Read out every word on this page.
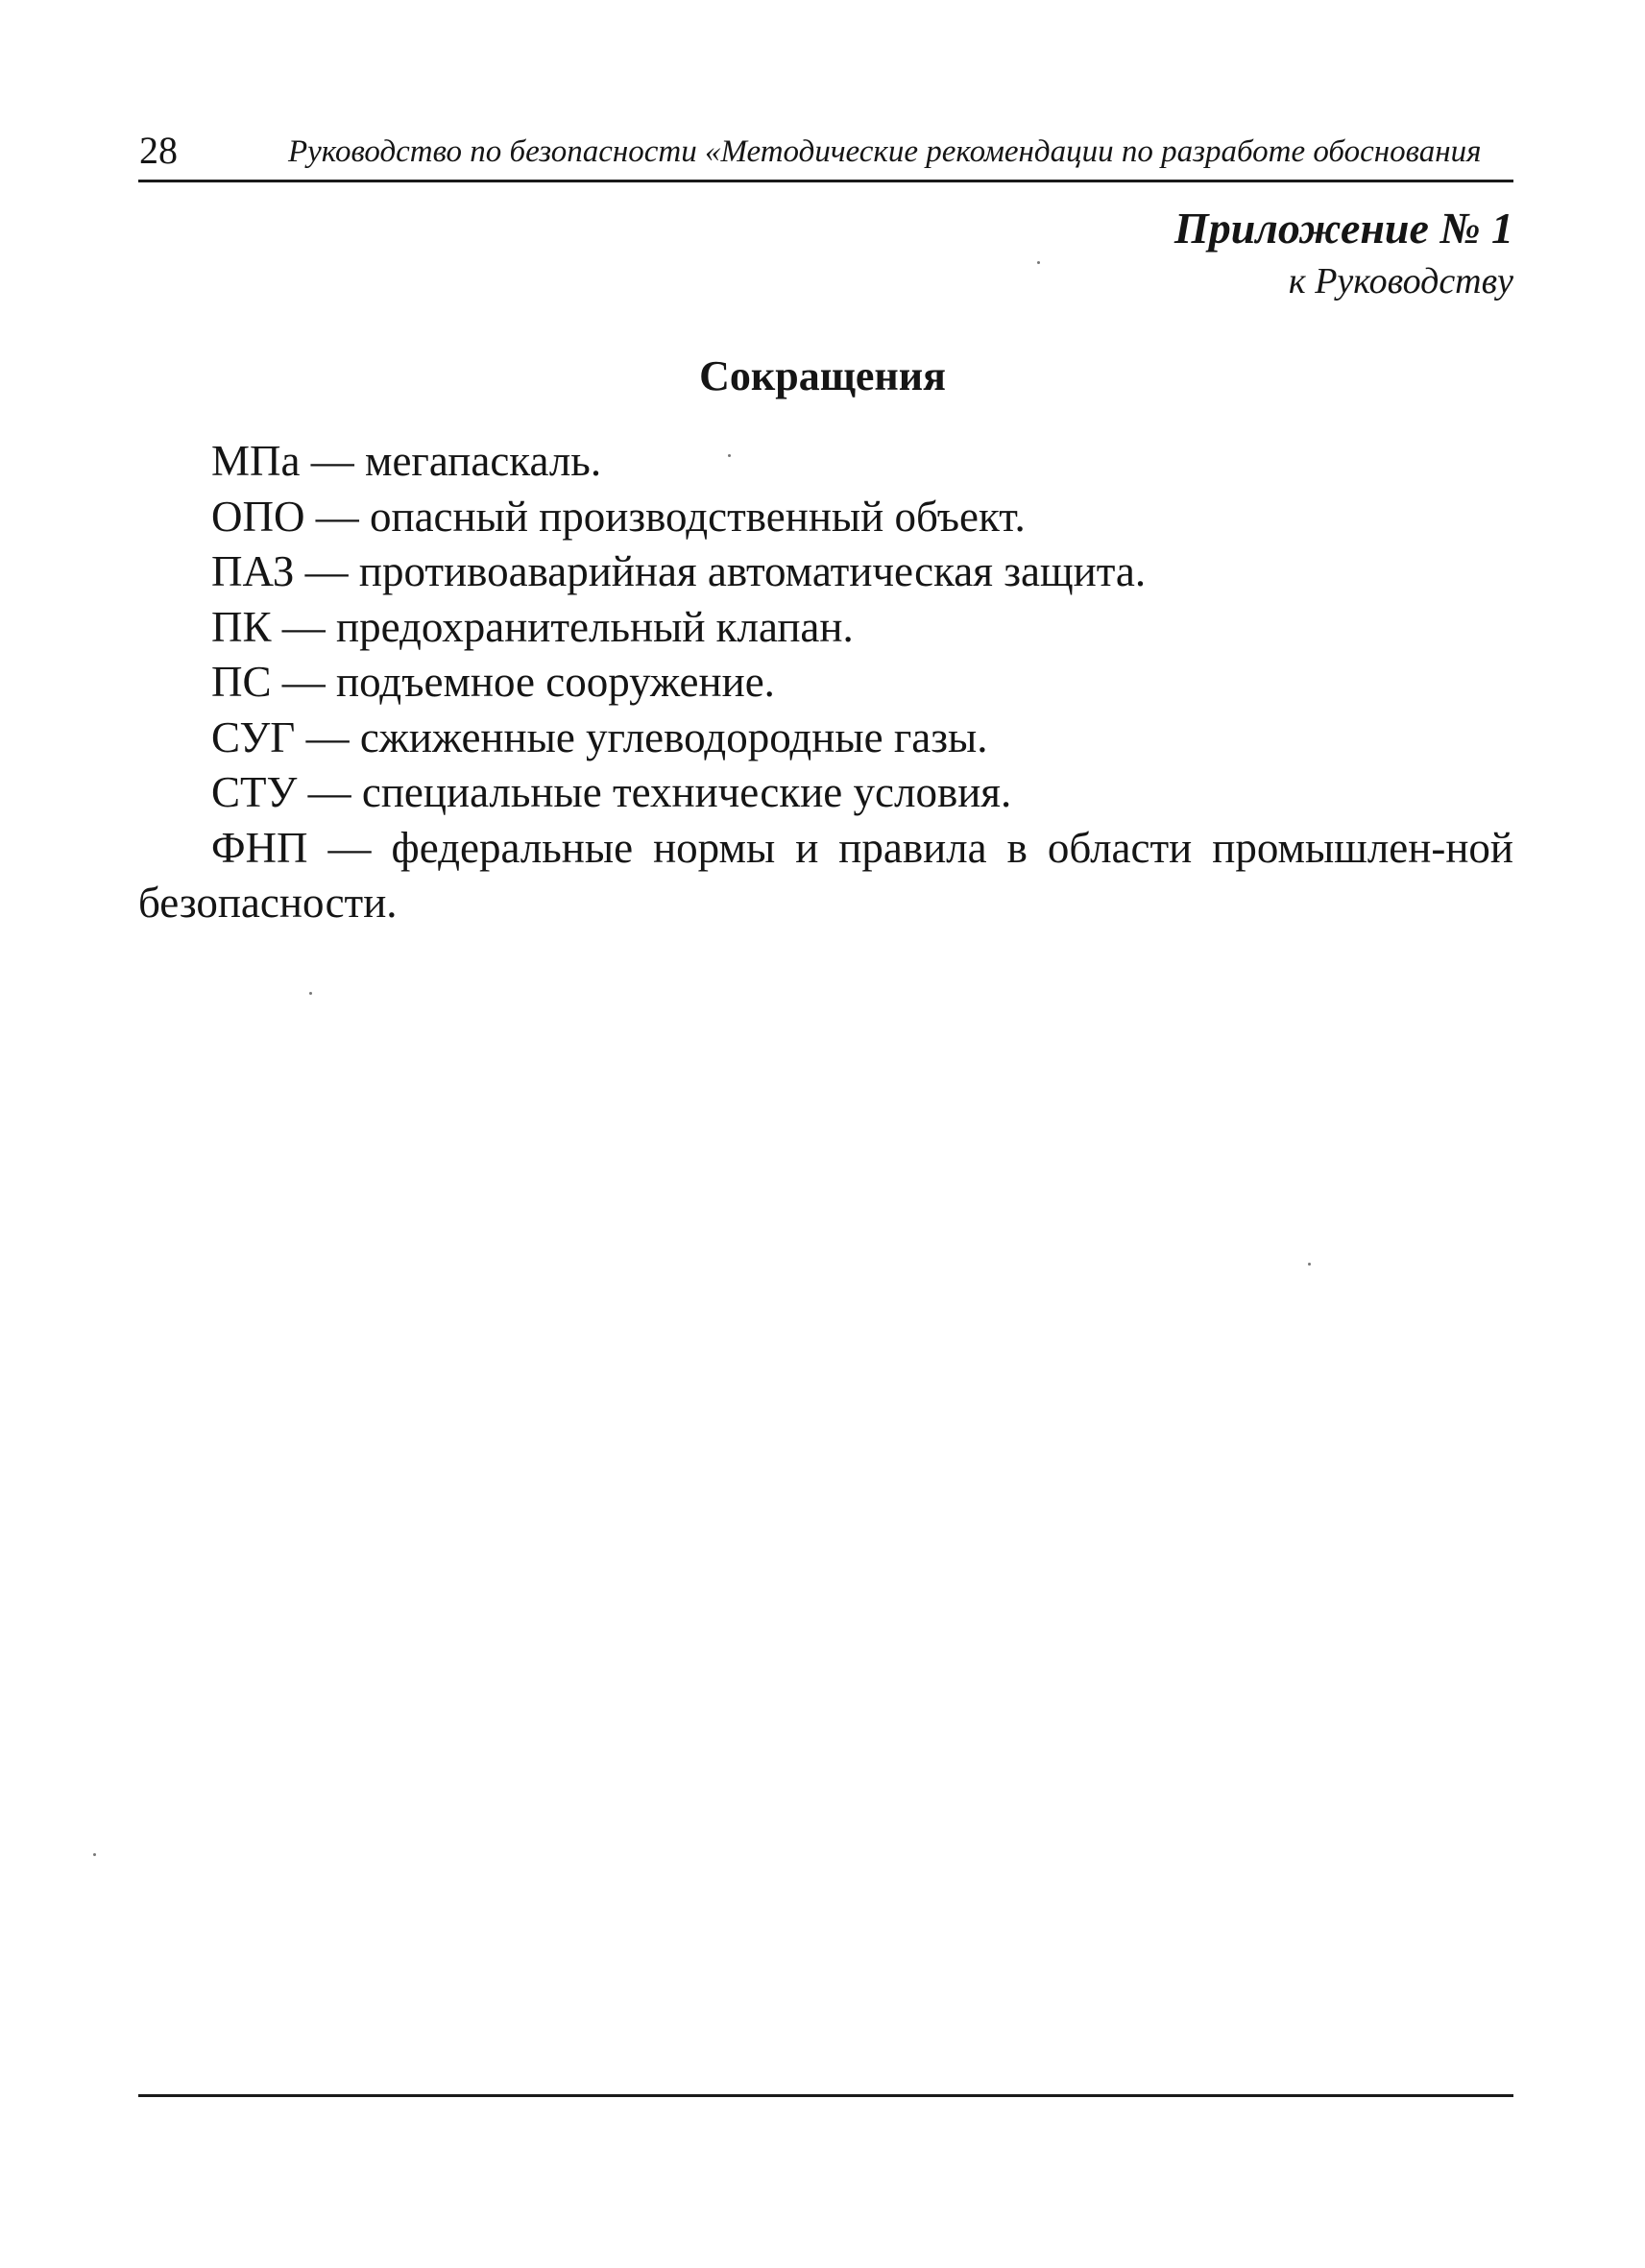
28	Руководство по безопасности «Методические рекомендации по разработе обоснования
Приложение № 1
к Руководству
Сокращения

МПа — мегапаскаль.

ОПО — опасный производственный объект.

ПАЗ — противоаварийная автоматическая защита.

ПК — предохранительный клапан.

ПС — подъемное сооружение.

СУГ — сжиженные углеводородные газы.

СТУ — специальные технические условия.

ФНП — федеральные нормы и правила в области промышлен-ной безопасности.
